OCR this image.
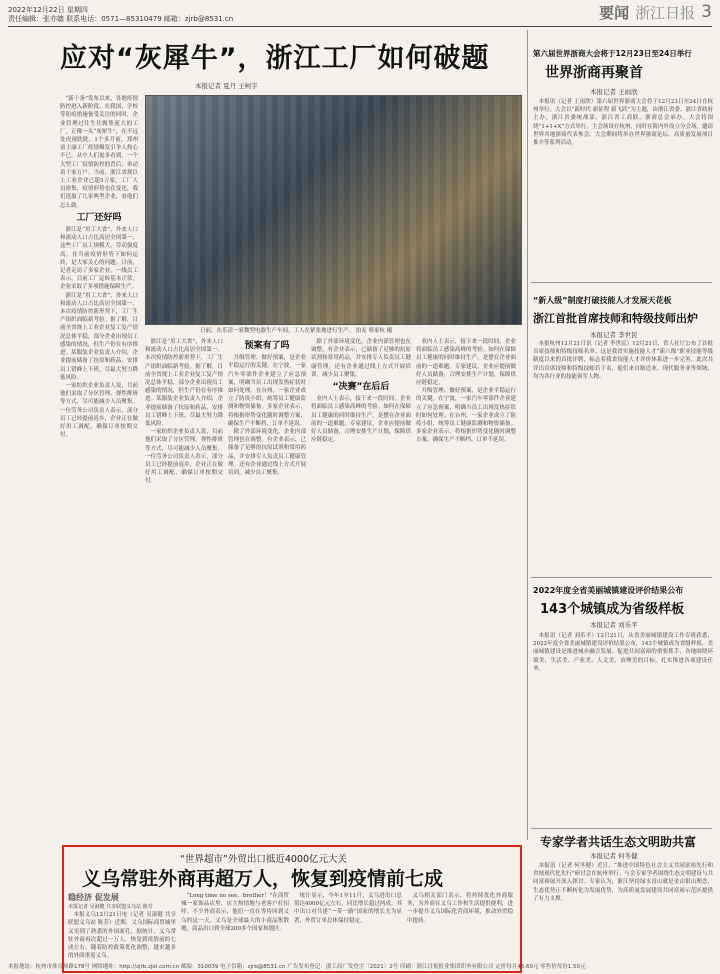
2022年12月22日 星期四
责任编辑：张亦嫱 联系电话：0571—85310479 邮箱：zjrb@8531.cn	要闻 浙江日报 3
应对“灰犀牛”，浙江工厂如何破题
本报记者 夏丹 王柯宇

“新十条”发布以来，各地疫情防控进入新阶段。在我国，学校等防疫措施备受关注的同时，企业管理过往生往甄集庞大的工厂，正像一头“灰犀牛”，在不远处虎视眈眈。1个多月前，郑州富士康工厂疫情爆发引争人热心不已。从中人们更多看到，一个大型工厂疫情防控的背后，牵动着千家万户。当前，浙江省规以上工业企业已超5万家，工厂人员密集，疫情形势也在变化，我们选取了几家典型企业，看他们怎么做。

工厂还好吗

浙江是“用工大省”。外来人口和流动人口占比高居全国第一，这些工厂员工规模大、劳动强度高，在当前疫情形势下如何运转，是大家关心的问题。日前，记者走访了多家企业，一线员工表示，目前工厂运转基本正常，企业采取了多项措施保障生产。

浙江是“用工大省”，外来人口和流动人口占比高居全国第一。本次疫情防控新形势下，工厂生产组织面临新考验。据了解，目前全省规上工业企业复工复产情况总体平稳，部分企业出现员工感染的情况，但生产仍在有序推进。某服装企业负责人介绍，企业提前储备了抗原和药品，安排员工错峰上下班，尽最大努力降低风险。

一家纺织企业负责人说，目前他们采取了分区管理、弹性排班等方式，尽可能减少人员聚集。一位劳务公司负责人表示，部分员工已经提前返乡，企业正在做好用工调配，确保订单按期交付。

日前，在乐清一家微型电器生产车间，工人在紧张地进行生产。 拍友 蔡家杭 摄

浙江是“用工大省”，外来人口和流动人口占比高居全国第一。本次疫情防控新形势下，工厂生产组织面临新考验。据了解，目前全省规上工业企业复工复产情况总体平稳，部分企业出现员工感染的情况，但生产仍在有序推进。某服装企业负责人介绍，企业提前储备了抗原和药品，安排员工错峰上下班，尽最大努力降低风险。

一家纺织企业负责人说，目前他们采取了分区管理、弹性排班等方式，尽可能减少人员聚集。一位劳务公司负责人表示，部分员工已经提前返乡，企业正在做好用工调配，确保订单按期交付。

预案有了吗

升级管理、做好预案，是企业平稳运行的关键。在宁波，一家汽车零部件企业建立了应急预案，明确当员工出现发热症状时如何处理。在台州，一家企业成立了防疫小组，统筹员工健康监测和物资储备。多家企业表示，将根据形势变化随时调整方案，确保生产不断档、订单不延误。

除了外部环境变化，企业内部管理也在调整。有企业表示，已储备了足够的抗原试剂和常用药品，并安排专人负责员工健康管理。还有企业通过线上方式开展培训，减少员工聚集。

除了外部环境变化，企业内部管理也在调整。有企业表示，已储备了足够的抗原试剂和常用药品，并安排专人负责员工健康管理。还有企业通过线上方式开展培训，减少员工聚集。

“决赛”在后后

业内人士表示，接下来一段时间，企业将面临员工感染高峰的考验。如何在保障员工健康的同时维持生产，是摆在企业面前的一道难题。专家建议，企业应提前做好人员储备，合理安排生产计划，保障供应链稳定。

业内人士表示，接下来一段时间，企业将面临员工感染高峰的考验。如何在保障员工健康的同时维持生产，是摆在企业面前的一道难题。专家建议，企业应提前做好人员储备，合理安排生产计划，保障供应链稳定。

升级管理、做好预案，是企业平稳运行的关键。在宁波，一家汽车零部件企业建立了应急预案，明确当员工出现发热症状时如何处理。在台州，一家企业成立了防疫小组，统筹员工健康监测和物资储备。多家企业表示，将根据形势变化随时调整方案，确保生产不断档、订单不延误。

第六届世界浙商大会将于12月23日至24日举行
世界浙商再聚首
本报记者 王雨欣

本报讯（记者 王雨欣）第六届世界浙商大会将于12月23日至24日在杭州举行。大会以“新时代 新征程 新飞跃”为主题，由浙江省委、浙江省政府主办，浙江省委统战部、浙江省工商联、浙商总会承办。大会将围绕“1+1+X”方式举行，主会场设在杭州，同时在海内外设立分会场，邀请世界各地浙商代表参会。大会期间将举办世界浙商论坛、高质量发展项目推介等系列活动。

“新人级”制度打破技能人才发展天花板
浙江首批首席技师和特级技师出炉
本报记者 李世民

本报杭州12月21日讯（记者 李世民）12月21日，省人社厅公布了首批首席技师和特级技师名单。这是我省实施技能人才“新八级”职业技能等级制度以来的首批评聘，标志着我省技能人才评价体系进一步完善。此次共评出首席技师和特级技师若干名，他们来自制造业、现代服务业等领域，均为各行业的技能领军人物。

2022年度全省美丽城镇建设评价结果公布
143个城镇成为省级样板
本报记者 刘乐平

本报讯（记者 刘乐平）12月21日，从省美丽城镇建设工作专班获悉，2022年度全省美丽城镇建设评价结果公布，143个城镇成为省级样板。美丽城镇建设是推进城乡融合发展、促进共同富裕的重要抓手，各地围绕环境美、生活美、产业美、人文美、治理美的目标，扎实推进各项建设任务。

专家学者共话生态文明助共富
本报记者 何冬健

本报讯（记者 何冬健）近日，“推进中国特色社会主义共同富裕先行和省域现代化先行”研讨会在杭州举行。与会专家学者围绕生态文明建设与共同富裕展开深入探讨。专家认为，浙江坚持绿水青山就是金山银山理念，生态优势正不断转化为发展优势，为高质量发展建设共同富裕示范区提供了有力支撑。

“世界超市”外贸出口抵近4000亿元大关
义乌常驻外商再超万人，恢复到疫情前七成
稳经济 促发展

本报记者 吴淑健 共享联盟义乌站 陈芳

本报义乌12月21日电（记者 吴淑健 共享联盟义乌站 陈芳）近期，义乌国际商贸城里又见到了熟悉的外国面孔。据统计，义乌常驻外商再次超过一万人，恢复到疫情前的七成左右。随着防控政策优化调整，越来越多的外商重返义乌。

“Long time no see，brother！”在商贸城一家饰品店里，店主热情地与老客户打招呼。不少外商表示，他们一直在等待回到义乌的这一天。义乌是全球最大的小商品集散地，商品出口到全球200多个国家和地区。

统计显示，今年1至11月，义乌进出口总值达4000亿元左右，同比增长超过两成。其中出口对共建“一带一路”国家的增长尤为显著，外贸订单总体保持稳定。

义乌相关部门表示，将持续优化外商服务，为外商在义乌工作和生活提供便利，进一步提升义乌国际化营商环境，推动外贸稳中提质。

本报地址：杭州市体育场路178号 网络地址：http://zjrb.zjol.com.cn 邮编：310039 电子信箱：zjrb@8531.cn 广告发布登记：浙工商广发登字〔2021〕2号 印刷：浙江日报报业集团印务有限公司 定价每月45.60元 零售价每份1.50元
